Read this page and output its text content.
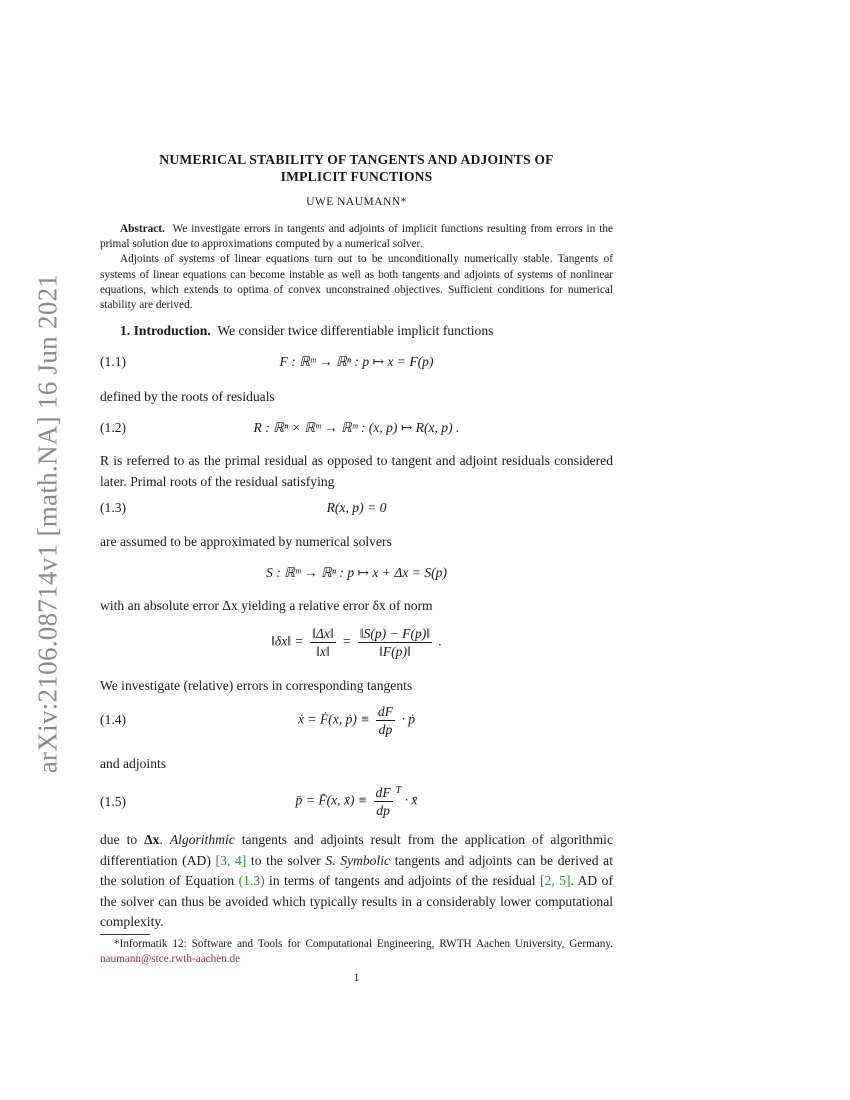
arXiv:2106.08714v1 [math.NA] 16 Jun 2021
NUMERICAL STABILITY OF TANGENTS AND ADJOINTS OF
IMPLICIT FUNCTIONS
UWE NAUMANN*

Abstract. We investigate errors in tangents and adjoints of implicit functions resulting from errors in the primal solution due to approximations computed by a numerical solver.

Adjoints of systems of linear equations turn out to be unconditionally numerically stable. Tangents of systems of linear equations can become instable as well as both tangents and adjoints of systems of nonlinear equations, which extends to optima of convex unconstrained objectives. Sufficient conditions for numerical stability are derived.

1. Introduction. We consider twice differentiable implicit functions
(1.1)	F : ℝᵐ → ℝⁿ : p ↦ x = F(p)
defined by the roots of residuals
(1.2)	R : ℝⁿ × ℝᵐ → ℝᵐ : (x, p) ↦ R(x, p) .
R is referred to as the primal residual as opposed to tangent and adjoint residuals considered later. Primal roots of the residual satisfying
(1.3)	R(x, p) = 0
are assumed to be approximated by numerical solvers
S : ℝᵐ → ℝⁿ : p ↦ x + Δx = S(p)
with an absolute error Δx yielding a relative error δx of norm
‖δx‖ = $\frac{‖\Delta x‖}{‖x‖} = \frac{‖S(p) - F(p)‖}{‖F(p)‖}$ .
We investigate (relative) errors in corresponding tangents
(1.4)	ẋ = Ḟ(x, ṗ) ≡ $\frac{dF}{dp}$ · ṗ
and adjoints
(1.5)	p̄ = F̄(x, x̄) ≡ $\frac{dF}{dp} ^T$ · x̄
due to Δx. Algorithmic tangents and adjoints result from the application of algorithmic differentiation (AD) [3, 4] to the solver S. Symbolic tangents and adjoints can be derived at the solution of Equation (1.3) in terms of tangents and adjoints of the residual [2, 5]. AD of the solver can thus be avoided which typically results in a considerably lower computational complexity.
*Informatik 12: Software and Tools for Computational Engineering, RWTH Aachen University, Germany. naumann@stce.rwth-aachen.de
1
